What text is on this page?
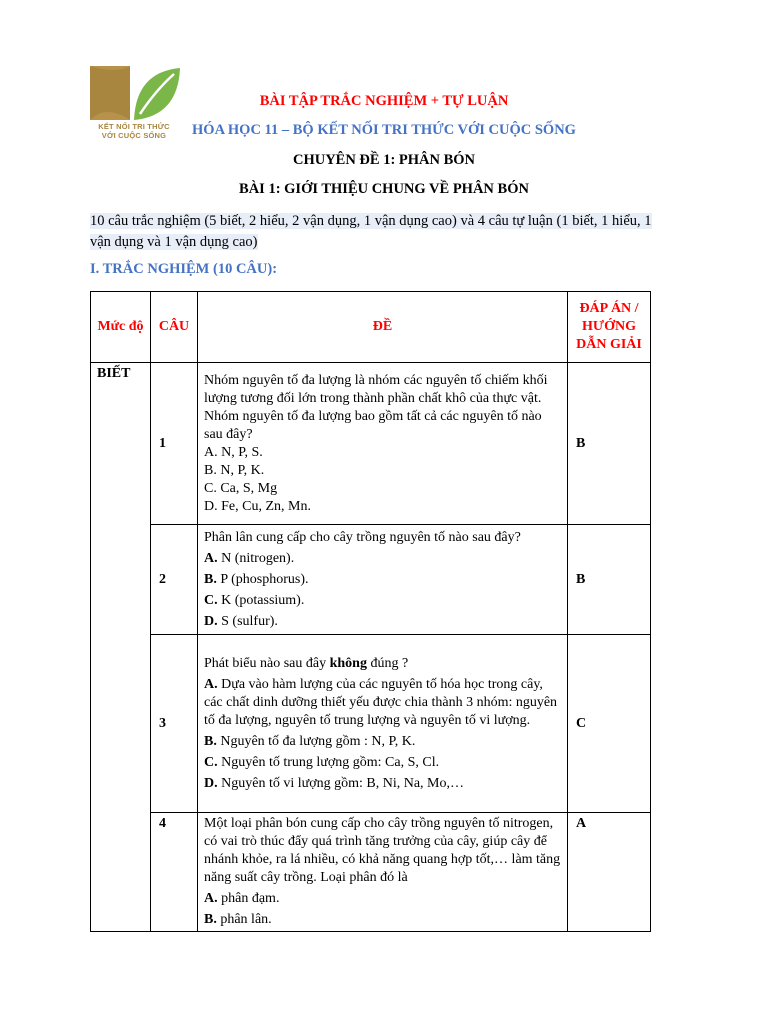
KẾT NỐI TRI THỨC
VỚI CUỘC SỐNG
BÀI TẬP TRẮC NGHIỆM + TỰ LUẬN
HÓA HỌC 11 – BỘ KẾT NỐI TRI THỨC VỚI CUỘC SỐNG
CHUYÊN ĐỀ 1: PHÂN BÓN
BÀI 1: GIỚI THIỆU CHUNG VỀ PHÂN BÓN
10 câu trắc nghiệm (5 biết, 2 hiểu, 2 vận dụng, 1 vận dụng cao) và 4 câu tự luận (1 biết, 1 hiểu, 1 vận dụng và 1 vận dụng cao)
I. TRẮC NGHIỆM (10 CÂU):
Mức độ	CÂU	ĐỀ	ĐÁP ÁN / HƯỚNG DẪN GIẢI
BIẾT	1	Nhóm nguyên tố đa lượng là nhóm các nguyên tố chiếm khối lượng tương đối lớn trong thành phần chất khô của thực vật. Nhóm nguyên tố đa lượng bao gồm tất cả các nguyên tố nào sau đây?
A. N, P, S.
B. N, P, K.
C. Ca, S, Mg
D. Fe, Cu, Zn, Mn.	B
	2	Phân lân cung cấp cho cây trồng nguyên tố nào sau đây?

A. N (nitrogen).

B. P (phosphorus).

C. K (potassium).

D. S (sulfur).	B
	3	Phát biểu nào sau đây không đúng ?

A. Dựa vào hàm lượng của các nguyên tố hóa học trong cây, các chất dinh dưỡng thiết yếu được chia thành 3 nhóm: nguyên tố đa lượng, nguyên tố trung lượng và nguyên tố vi lượng.

B. Nguyên tố đa lượng gồm : N, P, K.

C. Nguyên tố trung lượng gồm: Ca, S, Cl.

D. Nguyên tố vi lượng gồm: B, Ni, Na, Mo,…	C
	4	Một loại phân bón cung cấp cho cây trồng nguyên tố nitrogen, có vai trò thúc đẩy quá trình tăng trưởng của cây, giúp cây để nhánh khỏe, ra lá nhiều, có khả năng quang hợp tốt,… làm tăng năng suất cây trồng. Loại phân đó là

A. phân đạm.

B. phân lân.	A
